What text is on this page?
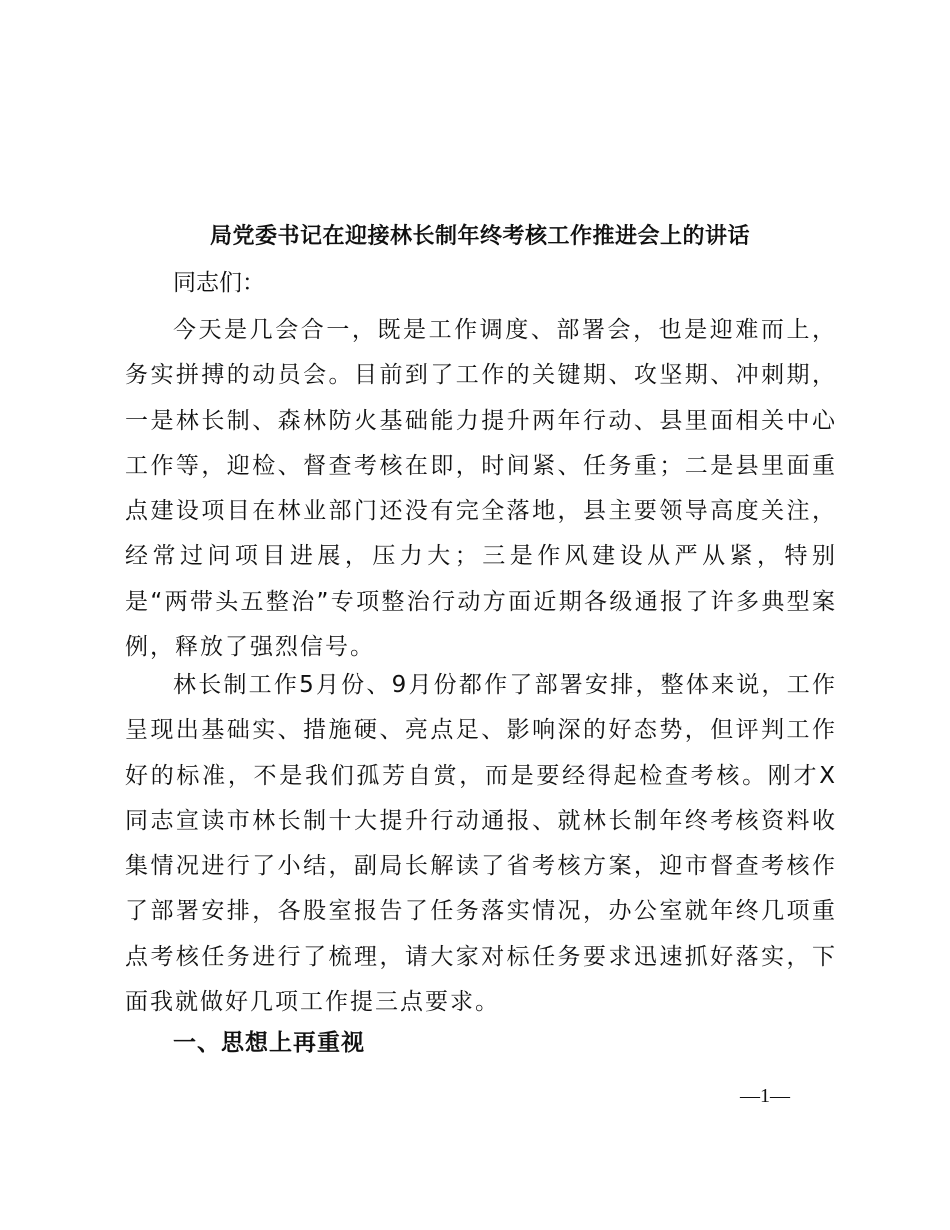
局党委书记在迎接林长制年终考核工作推进会上的讲话
同志们：

今天是几会合一，既是工作调度、部署会，也是迎难而上，务实拼搏的动员会。目前到了工作的关键期、攻坚期、冲刺期，一是林长制、森林防火基础能力提升两年行动、县里面相关中心工作等，迎检、督查考核在即，时间紧、任务重；二是县里面重点建设项目在林业部门还没有完全落地，县主要领导高度关注，经常过问项目进展，压力大；三是作风建设从严从紧，特别是“两带头五整治”专项整治行动方面近期各级通报了许多典型案例，释放了强烈信号。

林长制工作5月份、9月份都作了部署安排，整体来说，工作呈现出基础实、措施硬、亮点足、影响深的好态势，但评判工作好的标准，不是我们孤芳自赏，而是要经得起检查考核。刚才X同志宣读市林长制十大提升行动通报、就林长制年终考核资料收集情况进行了小结，副局长解读了省考核方案，迎市督查考核作了部署安排，各股室报告了任务落实情况，办公室就年终几项重点考核任务进行了梳理，请大家对标任务要求迅速抓好落实，下面我就做好几项工作提三点要求。

一、思想上再重视
—1—
